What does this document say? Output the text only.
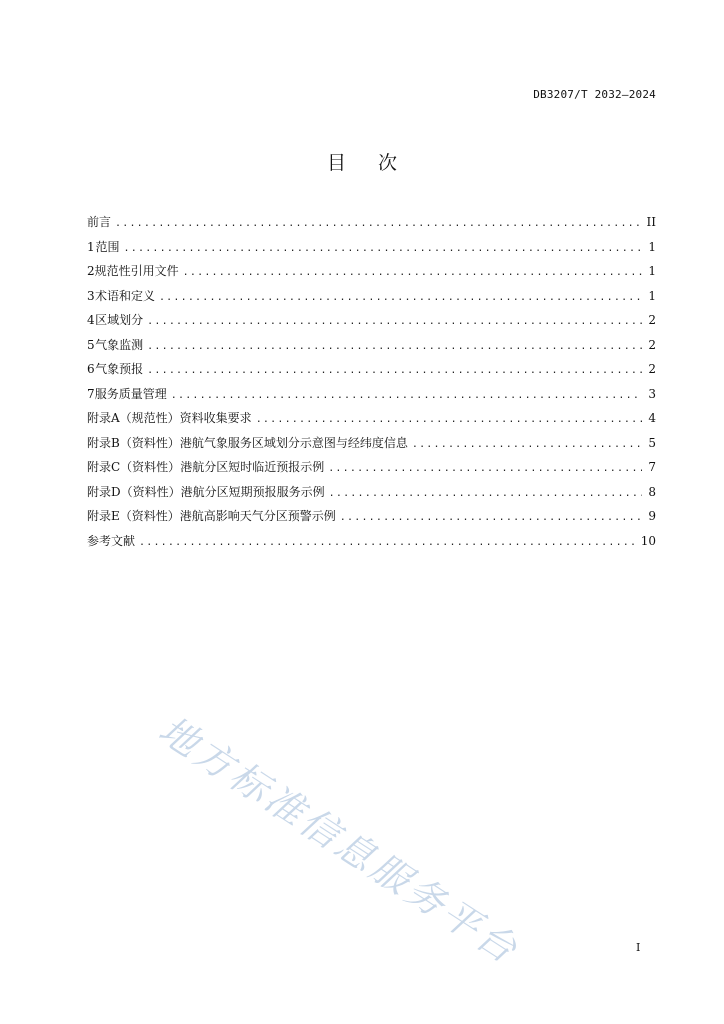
DB3207/T 2032—2024
目 次
前言 .....	II
1 范围 .....	1
2 规范性引用文件 .....	1
3 术语和定义 .....	1
4 区域划分 .....	2
5 气象监测 .....	2
6 气象预报 .....	2
7 服务质量管理 .....	3
附录A（规范性） 资料收集要求 .....	4
附录B（资料性） 港航气象服务区域划分示意图与经纬度信息 .....	5
附录C（资料性） 港航分区短时临近预报示例 .....	7
附录D（资料性） 港航分区短期预报服务示例 .....	8
附录E（资料性） 港航高影响天气分区预警示例 .....	9
参考文献 .....	10
地方标准信息服务平台	I
